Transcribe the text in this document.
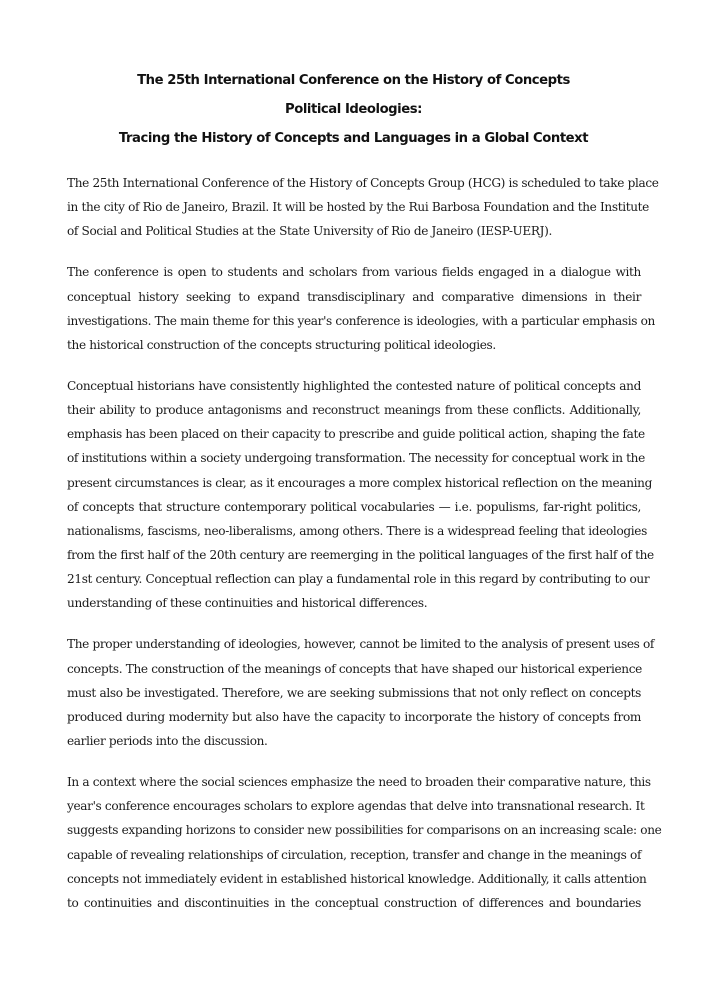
The 25th International Conference on the History of Concepts
Political Ideologies:
Tracing the History of Concepts and Languages in a Global Context
The 25th International Conference of the History of Concepts Group (HCG) is scheduled to take place
in the city of Rio de Janeiro, Brazil. It will be hosted by the Rui Barbosa Foundation and the Institute
of Social and Political Studies at the State University of Rio de Janeiro (IESP-UERJ).
The conference is open to students and scholars from various fields engaged in a dialogue with
conceptual history seeking to expand transdisciplinary and comparative dimensions in their
investigations. The main theme for this year's conference is ideologies, with a particular emphasis on
the historical construction of the concepts structuring political ideologies.
Conceptual historians have consistently highlighted the contested nature of political concepts and
their ability to produce antagonisms and reconstruct meanings from these conflicts. Additionally,
emphasis has been placed on their capacity to prescribe and guide political action, shaping the fate
of institutions within a society undergoing transformation. The necessity for conceptual work in the
present circumstances is clear, as it encourages a more complex historical reflection on the meaning
of concepts that structure contemporary political vocabularies — i.e. populisms, far-right politics,
nationalisms, fascisms, neo-liberalisms, among others. There is a widespread feeling that ideologies
from the first half of the 20th century are reemerging in the political languages of the first half of the
21st century. Conceptual reflection can play a fundamental role in this regard by contributing to our
understanding of these continuities and historical differences.
The proper understanding of ideologies, however, cannot be limited to the analysis of present uses of
concepts. The construction of the meanings of concepts that have shaped our historical experience
must also be investigated. Therefore, we are seeking submissions that not only reflect on concepts
produced during modernity but also have the capacity to incorporate the history of concepts from
earlier periods into the discussion.
In a context where the social sciences emphasize the need to broaden their comparative nature, this
year's conference encourages scholars to explore agendas that delve into transnational research. It
suggests expanding horizons to consider new possibilities for comparisons on an increasing scale: one
capable of revealing relationships of circulation, reception, transfer and change in the meanings of
concepts not immediately evident in established historical knowledge. Additionally, it calls attention
to continuities and discontinuities in the conceptual construction of differences and boundaries
